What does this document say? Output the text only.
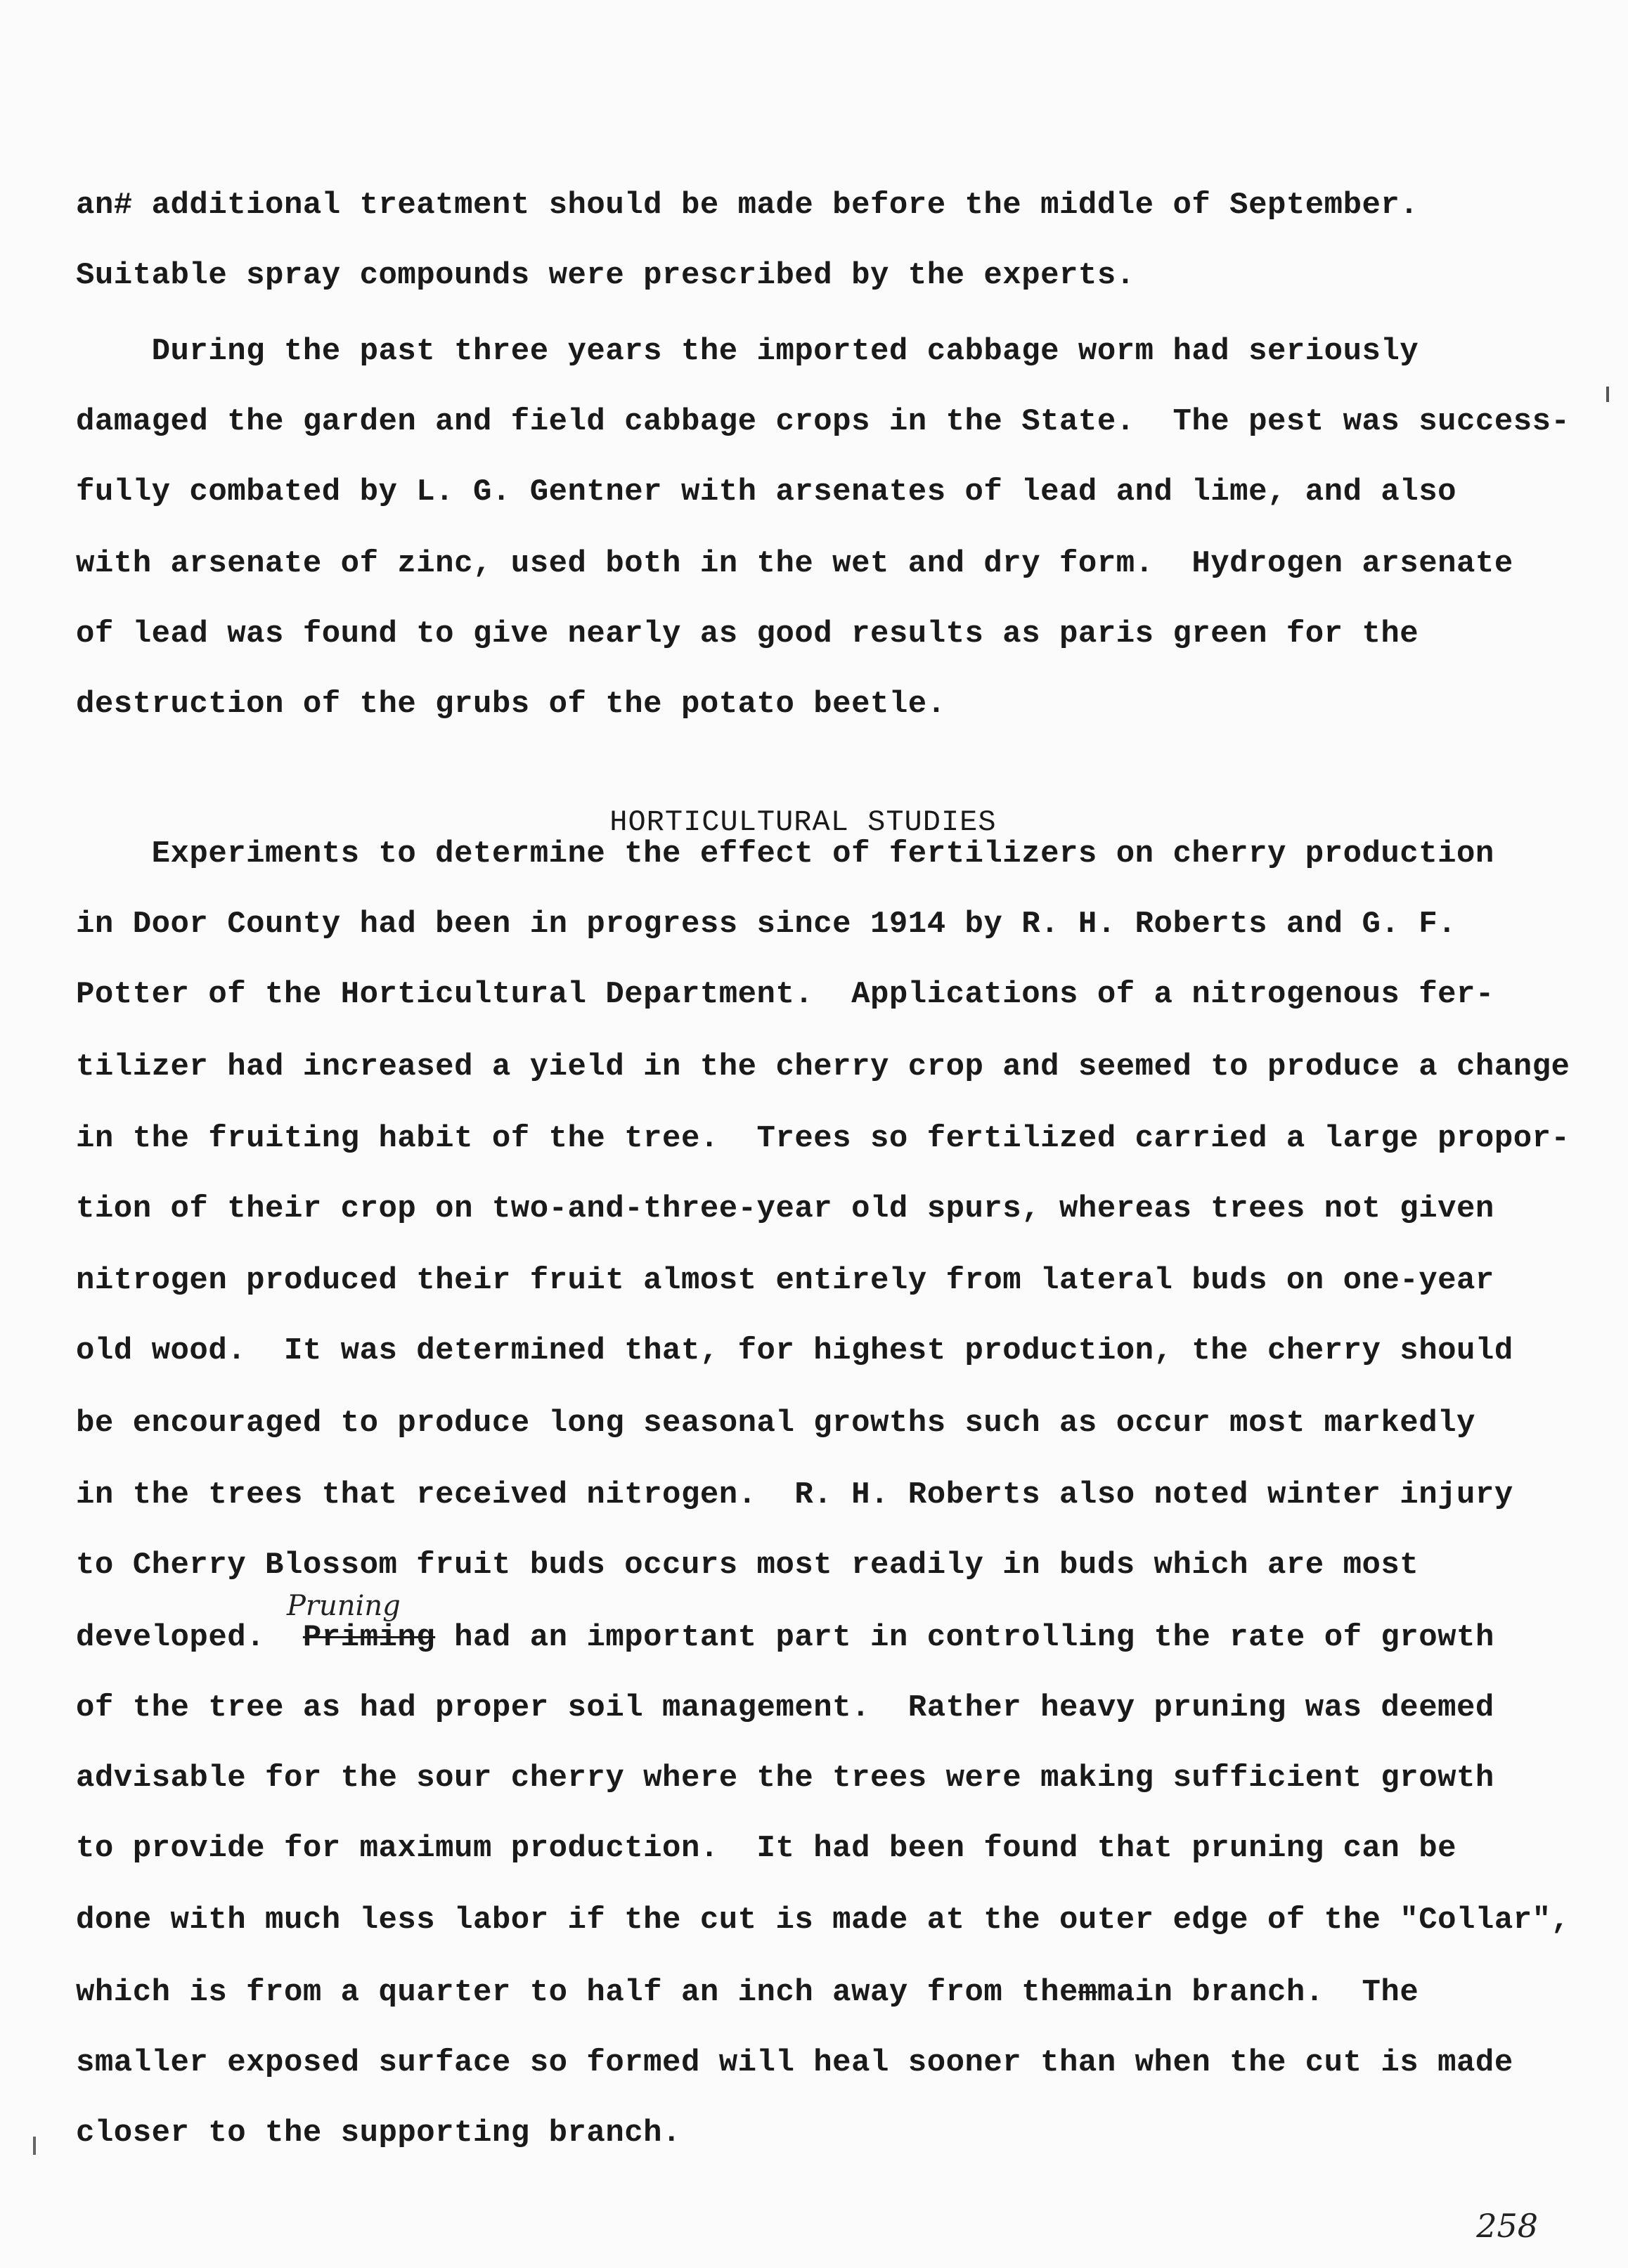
an# additional treatment should be made before the middle of September.
Suitable spray compounds were prescribed by the experts.
During the past three years the imported cabbage worm had seriously
damaged the garden and field cabbage crops in the State.  The pest was success-
fully combated by L. G. Gentner with arsenates of lead and lime, and also
with arsenate of zinc, used both in the wet and dry form.  Hydrogen arsenate
of lead was found to give nearly as good results as paris green for the
destruction of the grubs of the potato beetle.

HORTICULTURAL STUDIES

Experiments to determine the effect of fertilizers on cherry production
in Door County had been in progress since 1914 by R. H. Roberts and G. F.
Potter of the Horticultural Department.  Applications of a nitrogenous fer-
tilizer had increased a yield in the cherry crop and seemed to produce a change
in the fruiting habit of the tree.  Trees so fertilized carried a large propor-
tion of their crop on two-and-three-year old spurs, whereas trees not given
nitrogen produced their fruit almost entirely from lateral buds on one-year
old wood.  It was determined that, for highest production, the cherry should
be encouraged to produce long seasonal growths such as occur most markedly
in the trees that received nitrogen.  R. H. Roberts also noted winter injury
to Cherry Blossom fruit buds occurs most readily in buds which are most
Pruning
developed.  Priming had an important part in controlling the rate of growth
of the tree as had proper soil management.  Rather heavy pruning was deemed
advisable for the sour cherry where the trees were making sufficient growth
to provide for maximum production.  It had been found that pruning can be
done with much less labor if the cut is made at the outer edge of the "Collar",
which is from a quarter to half an inch away from themmain branch.  The
smaller exposed surface so formed will heal sooner than when the cut is made
closer to the supporting branch.
258
